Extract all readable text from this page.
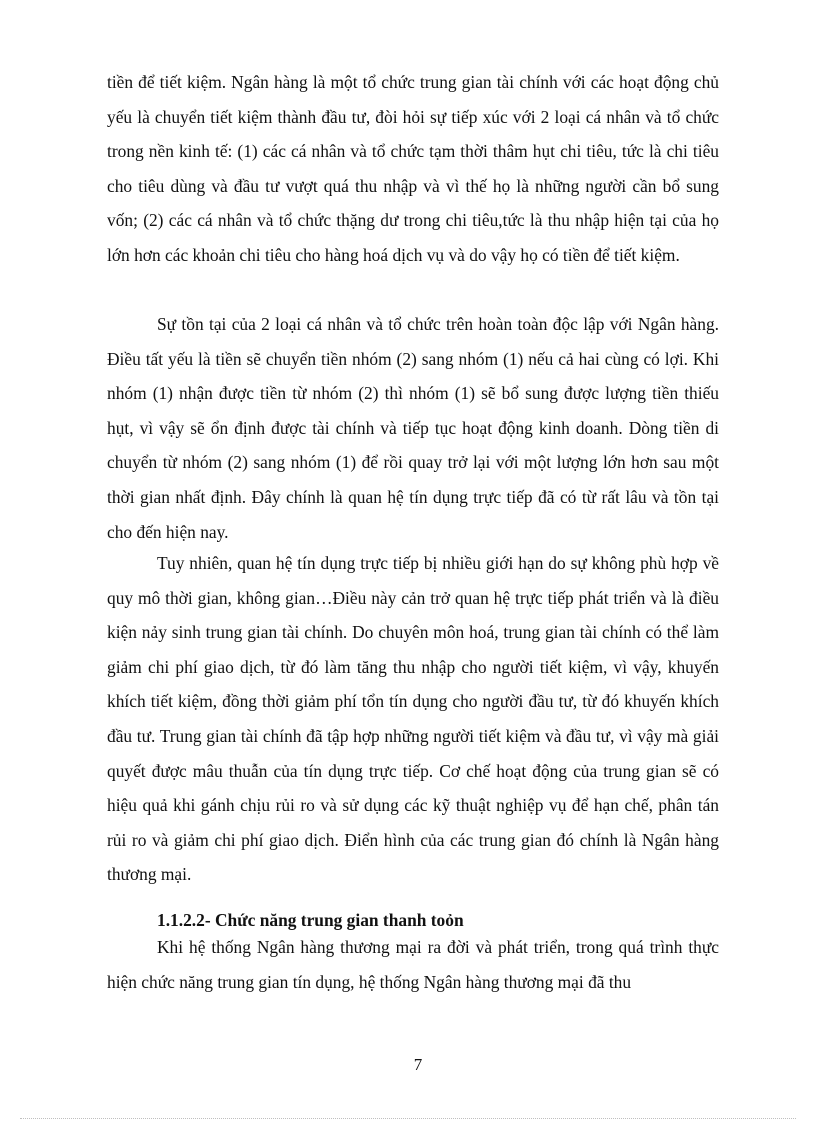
tiền để tiết kiệm. Ngân hàng là một tổ chức trung gian tài chính với các hoạt động chủ yếu là chuyển tiết kiệm thành đầu tư, đòi hỏi sự tiếp xúc với 2 loại cá nhân và tổ chức trong nền kinh tế: (1) các cá nhân và tổ chức tạm thời thâm hụt chi tiêu, tức là chi tiêu cho tiêu dùng và đầu tư vượt quá thu nhập và vì thế họ là những người cần bổ sung vốn; (2) các cá nhân và tổ chức thặng dư trong chi tiêu,tức là thu nhập hiện tại của họ lớn hơn các khoản chi tiêu cho hàng hoá dịch vụ và do vậy họ có tiền để tiết kiệm.

Sự tồn tại của 2 loại cá nhân và tổ chức trên hoàn toàn độc lập với Ngân hàng. Điều tất yếu là tiền sẽ chuyển tiền nhóm (2) sang nhóm (1) nếu cả hai cùng có lợi. Khi nhóm (1) nhận được tiền từ nhóm (2) thì nhóm (1) sẽ bổ sung được lượng tiền thiếu hụt, vì vậy sẽ ổn định được tài chính và tiếp tục hoạt động kinh doanh. Dòng tiền di chuyển từ nhóm (2) sang nhóm (1) để rồi quay trở lại với một lượng lớn hơn sau một thời gian nhất định. Đây chính là quan hệ tín dụng trực tiếp đã có từ rất lâu và tồn tại cho đến hiện nay.

Tuy nhiên, quan hệ tín dụng trực tiếp bị nhiều giới hạn do sự không phù hợp về quy mô thời gian, không gian…Điều này cản trở quan hệ trực tiếp phát triển và là điều kiện nảy sinh trung gian tài chính. Do chuyên môn hoá, trung gian tài chính có thể làm giảm chi phí giao dịch, từ đó làm tăng thu nhập cho người tiết kiệm, vì vậy, khuyến khích tiết kiệm, đồng thời giảm phí tổn tín dụng cho người đầu tư, từ đó khuyến khích đầu tư. Trung gian tài chính đã tập hợp những người tiết kiệm và đầu tư, vì vậy mà giải quyết được mâu thuẫn của tín dụng trực tiếp. Cơ chế hoạt động của trung gian sẽ có hiệu quả khi gánh chịu rủi ro và sử dụng các kỹ thuật nghiệp vụ để hạn chế, phân tán rủi ro và giảm chi phí giao dịch. Điển hình của các trung gian đó chính là Ngân hàng thương mại.

1.1.2.2- Chức năng trung gian thanh toỏn

Khi hệ thống Ngân hàng thương mại ra đời và phát triển, trong quá trình thực hiện chức năng trung gian tín dụng, hệ thống Ngân hàng thương mại đã thu

7
